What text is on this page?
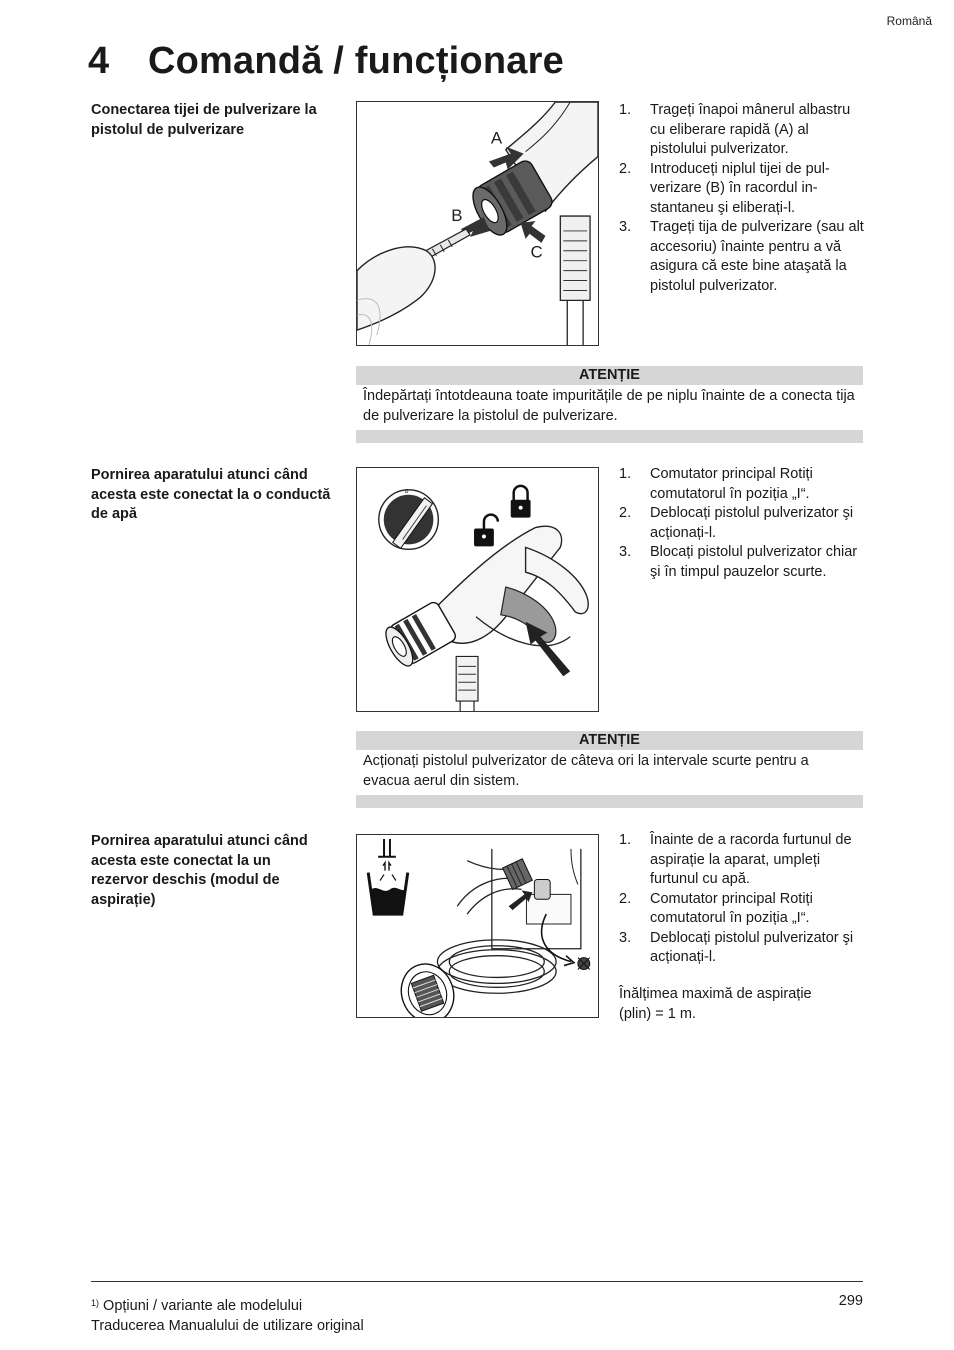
Română
4 Comandă / funcționare
Conectarea tijei de pulverizare la pistolul de pulverizare	A
B
C
1. Trageți înapoi mânerul albastru cu eliberare rapidă (A) al pistolului pulverizator.
2. Introduceți niplul tijei de pulverizare (B) în racordul instantaneu şi eliberați-l.
3. Trageți tija de pulverizare (sau alt accesoriu) înainte pentru a vă asigura că este bine ataşată la pistolul pulverizator.
ATENȚIE
Îndepărtați întotdeauna toate impuritățile de pe niplu înainte de a conecta tija de pulverizare la pistolul de pulverizare.
Pornirea aparatului atunci când acesta este conectat la o conductă de apă
o
1. Comutator principal Rotiți comutatorul în poziția „I“.
2. Deblocați pistolul pulverizator şi acționați-l.
3. Blocați pistolul pulverizator chiar şi în timpul pauzelor scurte.
ATENȚIE
Acționați pistolul pulverizator de câteva ori la intervale scurte pentru a evacua aerul din sistem.
Pornirea aparatului atunci când acesta este conectat la un rezervor deschis (modul de aspirație)
1. Înainte de a racorda furtunul de aspirație la aparat, umpleți furtunul cu apă.
2. Comutator principal Rotiți comutatorul în poziția „I“.
3. Deblocați pistolul pulverizator şi acționați-l.
Înălțimea maximă de aspirație (plin) = 1 m.
$^{1)}$ Opțiuni / variante ale modelului
Traducerea Manualului de utilizare original
299
